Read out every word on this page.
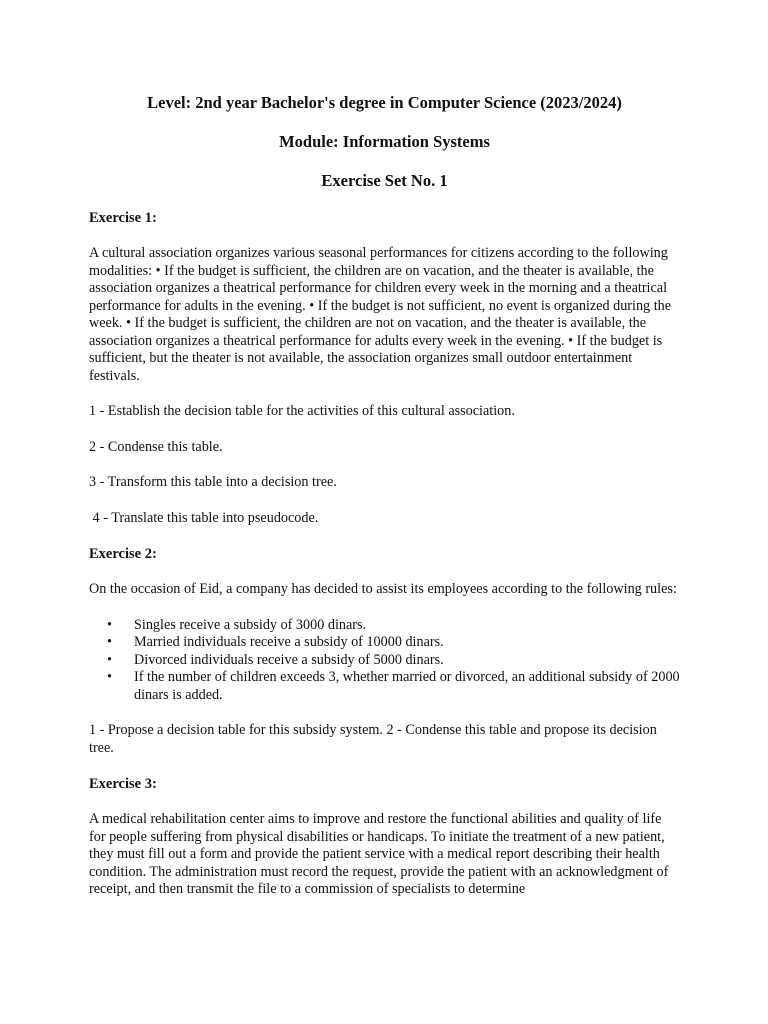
Level: 2nd year Bachelor's degree in Computer Science (2023/2024)

Module: Information Systems

Exercise Set No. 1

Exercise 1:

A cultural association organizes various seasonal performances for citizens according to the following modalities: • If the budget is sufficient, the children are on vacation, and the theater is available, the association organizes a theatrical performance for children every week in the morning and a theatrical performance for adults in the evening. • If the budget is not sufficient, no event is organized during the week. • If the budget is sufficient, the children are not on vacation, and the theater is available, the association organizes a theatrical performance for adults every week in the evening. • If the budget is sufficient, but the theater is not available, the association organizes small outdoor entertainment festivals.

1 - Establish the decision table for the activities of this cultural association.

2 - Condense this table.

3 - Transform this table into a decision tree.

4 - Translate this table into pseudocode.

Exercise 2:

On the occasion of Eid, a company has decided to assist its employees according to the following rules:

• Singles receive a subsidy of 3000 dinars.
• Married individuals receive a subsidy of 10000 dinars.
• Divorced individuals receive a subsidy of 5000 dinars.
• If the number of children exceeds 3, whether married or divorced, an additional subsidy of 2000 dinars is added.

1 - Propose a decision table for this subsidy system. 2 - Condense this table and propose its decision tree.

Exercise 3:

A medical rehabilitation center aims to improve and restore the functional abilities and quality of life for people suffering from physical disabilities or handicaps. To initiate the treatment of a new patient, they must fill out a form and provide the patient service with a medical report describing their health condition. The administration must record the request, provide the patient with an acknowledgment of receipt, and then transmit the file to a commission of specialists to determine
